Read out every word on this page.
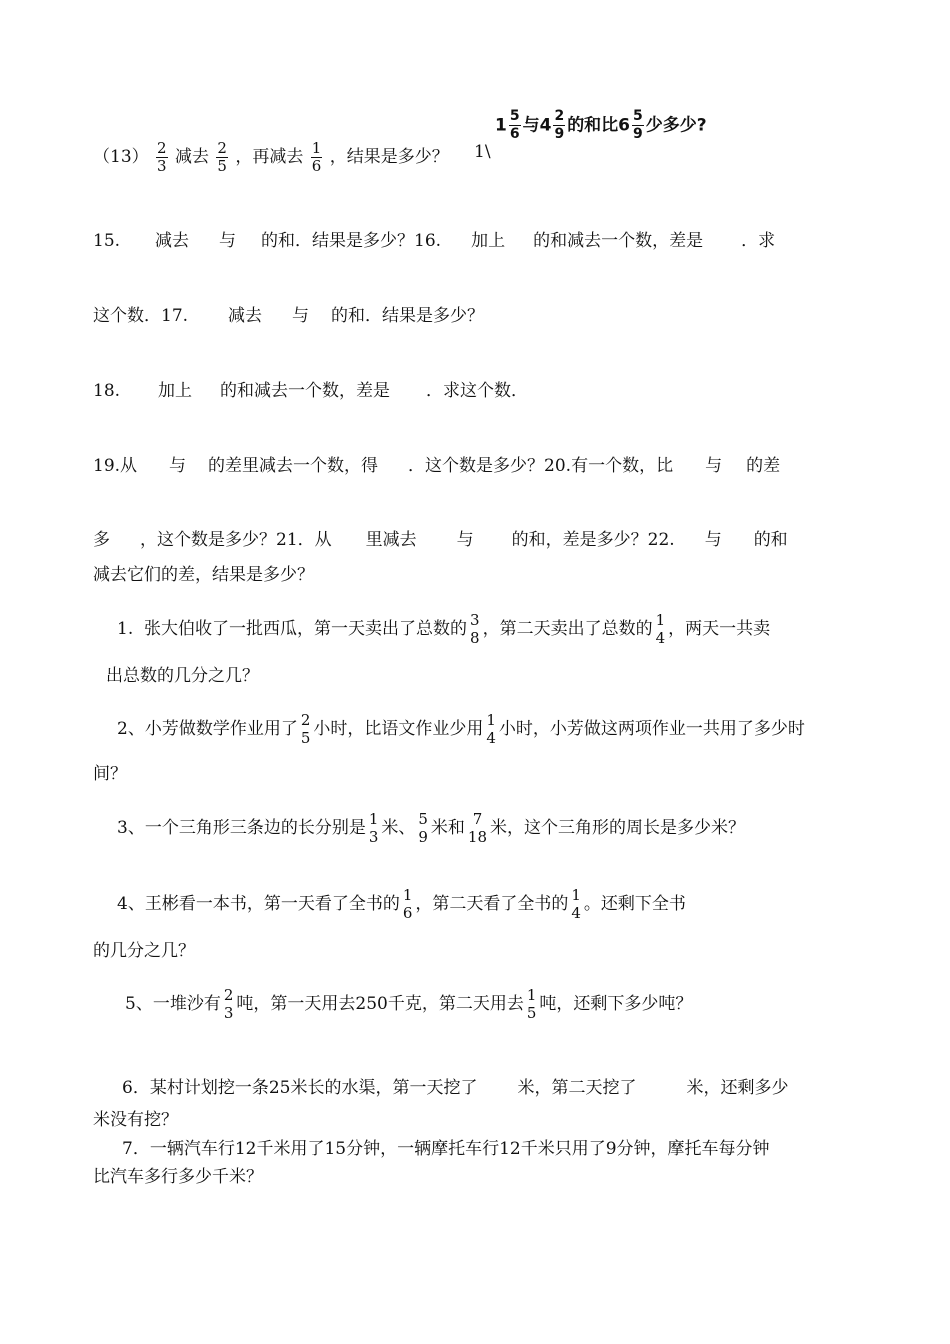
$(13) \frac{2}{3}$ 减去 $\frac{2}{5}$ ，再减去 $\frac{1}{6}$ ，结果是多少？ 1\
$1 \frac{5}{6}$ 与$4 \frac{2}{9}$ 的和比$6 \frac{5}{9}$ 少多少?
15. 减去 与 的和．结果是多少？16. 加上 的和减去一个数，差是 ．求
这个数．17. 减去 与 的和．结果是多少？
18. 加上 的和减去一个数，差是 ．求这个数．
19.从 与 的差里减去一个数，得 ．这个数是多少？20.有一个数，比 与 的差
多 ，这个数是多少？21．从 里减去 与 的和，差是多少？22. 与 的和
减去它们的差，结果是多少？
1.  张大伯收了一批西瓜，第一天卖出了总数的 3
8 ，第二天卖出了总数的 1
4 ，两天一共卖
出总数的几分之几？
2、小芳做数学作业用了 2
5 小时，比语文作业少用 1
4 小时，小芳做这两项作业一共用了多少时
间？
3、一个三角形三条边的长分别是 1
3 米、 5
9 米和 7
18 米，这个三角形的周长是多少米？
4、王彬看一本书，第一天看了全书的 1
6 ，第二天看了全书的 1
4 。还剩下全书
的几分之几？
5、一堆沙有 2
3 吨，第一天用去250千克，第二天用去 1
5 吨，还剩下多少吨？
6．某村计划挖一条25米长的水渠，第一天挖了 米，第二天挖了	米，还剩多少
米没有挖？
7．一辆汽车行12千米用了15分钟，一辆摩托车行12千米只用了9分钟，摩托车每分钟
比汽车多行多少千米？
